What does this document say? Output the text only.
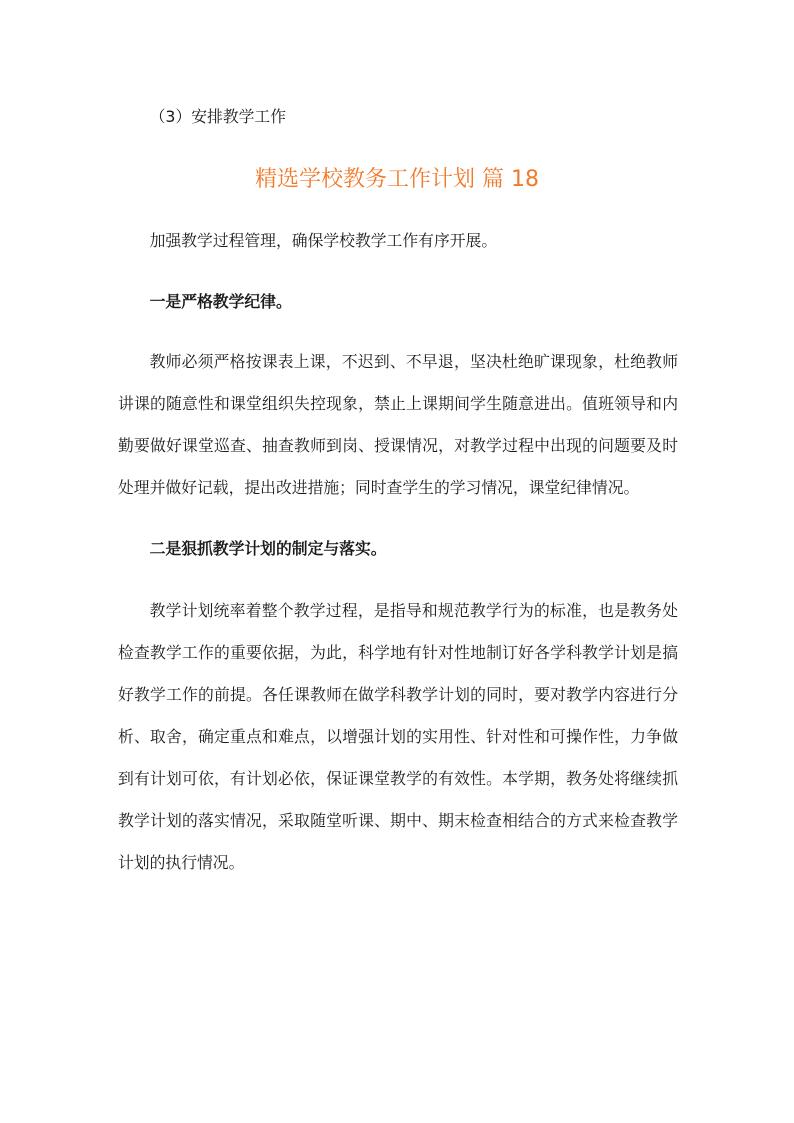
（3）安排教学工作
精选学校教务工作计划 篇 18
加强教学过程管理，确保学校教学工作有序开展。
一是严格教学纪律。
教师必须严格按课表上课，不迟到、不早退，坚决杜绝旷课现象，杜绝教师
讲课的随意性和课堂组织失控现象，禁止上课期间学生随意进出。值班领导和内
勤要做好课堂巡查、抽查教师到岗、授课情况，对教学过程中出现的问题要及时
处理并做好记载，提出改进措施；同时查学生的学习情况，课堂纪律情况。
二是狠抓教学计划的制定与落实。
教学计划统率着整个教学过程，是指导和规范教学行为的标准，也是教务处
检查教学工作的重要依据，为此，科学地有针对性地制订好各学科教学计划是搞
好教学工作的前提。各任课教师在做学科教学计划的同时，要对教学内容进行分
析、取舍，确定重点和难点，以增强计划的实用性、针对性和可操作性，力争做
到有计划可依，有计划必依，保证课堂教学的有效性。本学期，教务处将继续抓
教学计划的落实情况，采取随堂听课、期中、期末检查相结合的方式来检查教学
计划的执行情况。
